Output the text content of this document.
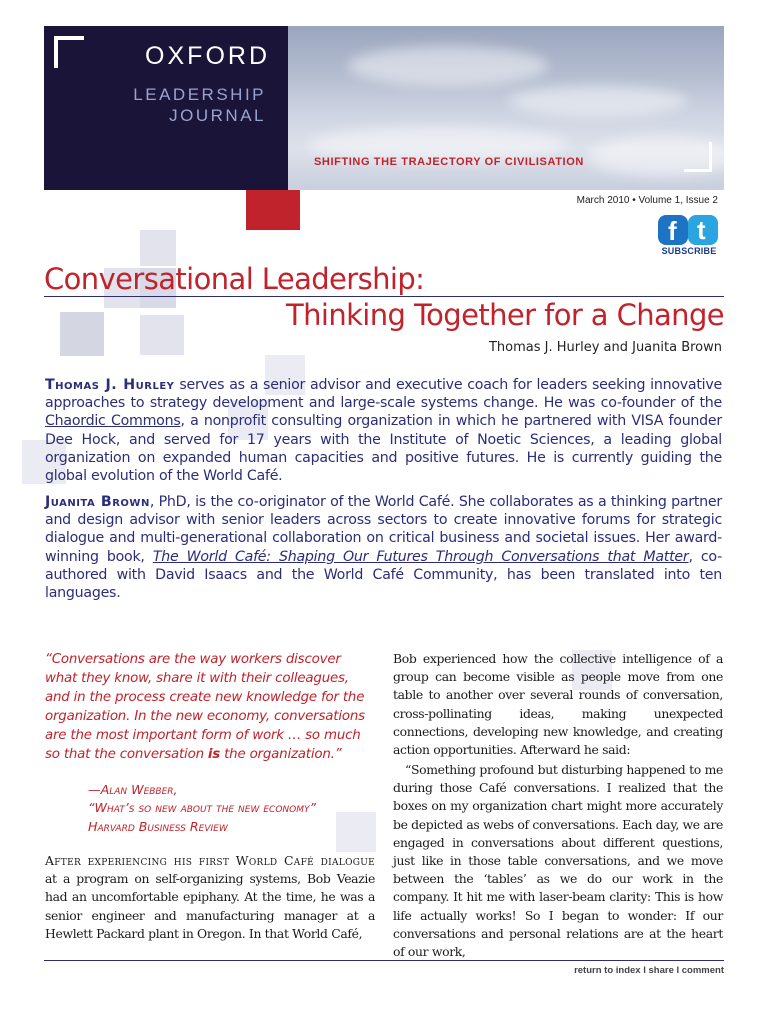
OXFORD
LEADERSHIP
JOURNAL
SHIFTING THE TRAJECTORY OF CIVILISATION
March 2010 • Volume 1, Issue 2
f t
SUBSCRIBE
Conversational Leadership:
Thinking Together for a Change
Thomas J. Hurley and Juanita Brown
Thomas J. Hurley serves as a senior advisor and executive coach for leaders seeking innovative approaches to strategy development and large-scale systems change. He was co-founder of the Chaordic Commons, a nonprofit consulting organization in which he partnered with VISA founder Dee Hock, and served for 17 years with the Institute of Noetic Sciences, a leading global organization on expanded human capacities and positive futures. He is currently guiding the global evolution of the World Café.
Juanita Brown, PhD, is the co-originator of the World Café. She collaborates as a thinking partner and design advisor with senior leaders across sectors to create innovative forums for strategic dialogue and multi-generational collaboration on critical business and societal issues. Her award-winning book, The World Café: Shaping Our Futures Through Conversations that Matter, co-authored with David Isaacs and the World Café Community, has been translated into ten languages.
“Conversations are the way workers discover what they know, share it with their colleagues, and in the process create new knowledge for the organization. In the new economy, conversations are the most important form of work … so much so that the conversation is the organization.”
—Alan Webber,
“What’s so new about the new economy”
Harvard Business Review
After experiencing his first World Café dialogue at a program on self-organizing systems, Bob Veazie had an uncomfortable epiphany. At the time, he was a senior engineer and manufacturing manager at a Hewlett Packard plant in Oregon. In that World Café,
Bob experienced how the collective intelligence of a group can become visible as people move from one table to another over several rounds of conversation, cross-pollinating ideas, making unexpected connections, developing new knowledge, and creating action opportunities. Afterward he said:
“Something profound but disturbing happened to me during those Café conversations. I realized that the boxes on my organization chart might more accurately be depicted as webs of conversations. Each day, we are engaged in conversations about different questions, just like in those table conversations, and we move between the ‘tables’ as we do our work in the company. It hit me with laser-beam clarity: This is how life actually works! So I began to wonder: If our conversations and personal relations are at the heart of our work,
return to index l share l comment
